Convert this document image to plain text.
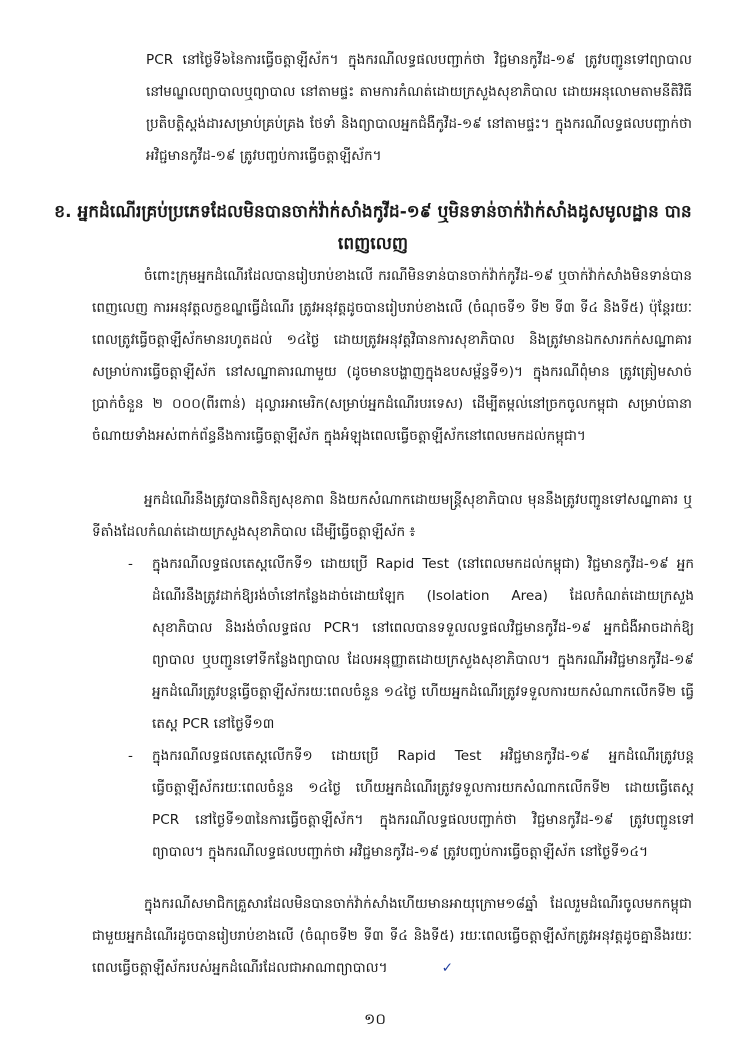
PCR នៅថ្ងៃទី៦នៃការធ្វើចត្តាឡីស័ក។ ក្នុងករណីលទ្ធផលបញ្ជាក់ថា វិជ្ជមានកូវីដ-១៩ ត្រូវបញ្ជូនទៅព្យាបាល នៅមណ្ឌលព្យាបាលឬព្យាបាល នៅតាមផ្ទះ តាមការកំណត់ដោយក្រសួងសុខាភិបាល ដោយអនុលោមតាមនីតិវិធីប្រតិបត្តិស្តង់ដារសម្រាប់គ្រប់គ្រង ថែទាំ និងព្យាបាលអ្នកជំងឺកូវីដ-១៩ នៅតាមផ្ទះ។ ក្នុងករណីលទ្ធផលបញ្ជាក់ថា អវិជ្ជមានកូវីដ-១៩ ត្រូវបញ្ចប់ការធ្វើចត្តាឡីស័ក។

ខ. អ្នកដំណើរគ្រប់ប្រភេទដែលមិនបានចាក់វ៉ាក់សាំងកូវីដ-១៩ ឬមិនទាន់ចាក់វ៉ាក់សាំងដូសមូលដ្ឋាន បានពេញលេញ

ចំពោះក្រុមអ្នកដំណើរដែលបានរៀបរាប់ខាងលើ ករណីមិនទាន់បានចាក់វ៉ាក់កូវីដ-១៩ ឬចាក់វ៉ាក់សាំងមិនទាន់បានពេញលេញ ការអនុវត្តលក្ខខណ្ឌធ្វើដំណើរ ត្រូវអនុវត្តដូចបានរៀបរាប់ខាងលើ (ចំណុចទី១ ទី២ ទី៣ ទី៤ និងទី៥) ប៉ុន្តែរយៈពេលត្រូវធ្វើចត្តាឡីស័កមានរហូតដល់ ១៤ថ្ងៃ ដោយត្រូវអនុវត្តវិធានការសុខាភិបាល និងត្រូវមានឯកសារកក់សណ្ឋាគារសម្រាប់ការធ្វើចត្តាឡីស័ក នៅសណ្ឋាគារណាមួយ (ដូចមានបង្ហាញក្នុងឧបសម្ព័ន្ធទី១)។ ក្នុងករណីពុំមាន ត្រូវត្រៀមសាច់ប្រាក់ចំនួន ២ ០០០(ពីរពាន់) ដុល្លារអាមេរិក(សម្រាប់អ្នកដំណើរបរទេស) ដើម្បីតម្កល់នៅច្រកចូលកម្ពុជា សម្រាប់ធានាចំណាយទាំងអស់ពាក់ព័ន្ធនឹងការធ្វើចត្តាឡីស័ក ក្នុងអំឡុងពេលធ្វើចត្តាឡីស័កនៅពេលមកដល់កម្ពុជា។

អ្នកដំណើរនឹងត្រូវបានពិនិត្យសុខភាព និងយកសំណាកដោយមន្ត្រីសុខាភិបាល មុននឹងត្រូវបញ្ជូនទៅសណ្ឋាគារ ឬទីតាំងដែលកំណត់ដោយក្រសួងសុខាភិបាល ដើម្បីធ្វើចត្តាឡីស័ក ៖

- ក្នុងករណីលទ្ធផលតេស្តលើកទី១ ដោយប្រើ Rapid Test (នៅពេលមកដល់កម្ពុជា) វិជ្ជមានកូវីដ-១៩ អ្នកដំណើរនឹងត្រូវដាក់ឱ្យរង់ចាំនៅកន្លែងដាច់ដោយឡែក (Isolation Area) ដែលកំណត់ដោយក្រសួងសុខាភិបាល និងរង់ចាំលទ្ធផល PCR។ នៅពេលបានទទួលលទ្ធផលវិជ្ជមានកូវីដ-១៩ អ្នកជំងឺអាចដាក់ឱ្យព្យាបាល ឬបញ្ជូនទៅទីកន្លែងព្យាបាល ដែលអនុញ្ញាតដោយក្រសួងសុខាភិបាល។ ក្នុងករណីអវិជ្ជមានកូវីដ-១៩ អ្នកដំណើរត្រូវបន្តធ្វើចត្តាឡីស័ករយៈពេលចំនួន ១៤ថ្ងៃ ហើយអ្នកដំណើរត្រូវទទួលការយកសំណាកលើកទី២ ធ្វើតេស្ត PCR នៅថ្ងៃទី១៣
- ក្នុងករណីលទ្ធផលតេស្តលើកទី១ ដោយប្រើ Rapid Test អវិជ្ជមានកូវីដ-១៩ អ្នកដំណើរត្រូវបន្តធ្វើចត្តាឡីស័ករយៈពេលចំនួន ១៤ថ្ងៃ ហើយអ្នកដំណើរត្រូវទទួលការយកសំណាកលើកទី២ ដោយធ្វើតេស្ត PCR នៅថ្ងៃទី១៣នៃការធ្វើចត្តាឡីស័ក។ ក្នុងករណីលទ្ធផលបញ្ជាក់ថា វិជ្ជមានកូវីដ-១៩ ត្រូវបញ្ជូនទៅព្យាបាល។ ក្នុងករណីលទ្ធផលបញ្ជាក់ថា អវិជ្ជមានកូវីដ-១៩ ត្រូវបញ្ចប់ការធ្វើចត្តាឡីស័ក នៅថ្ងៃទី១៤។

ក្នុងករណីសមាជិកគ្រួសារដែលមិនបានចាក់វ៉ាក់សាំងហើយមានអាយុក្រោម១៨ឆ្នាំ ដែលរួមដំណើរចូលមកកម្ពុជាជាមួយអ្នកដំណើរដូចបានរៀបរាប់ខាងលើ (ចំណុចទី២ ទី៣ ទី៤ និងទី៥) រយៈពេលធ្វើចត្តាឡីស័កត្រូវអនុវត្តដូចគ្នានឹងរយៈពេលធ្វើចត្តាឡីស័ករបស់អ្នកដំណើរដែលជាអាណាព្យាបាល។	✓

១០
